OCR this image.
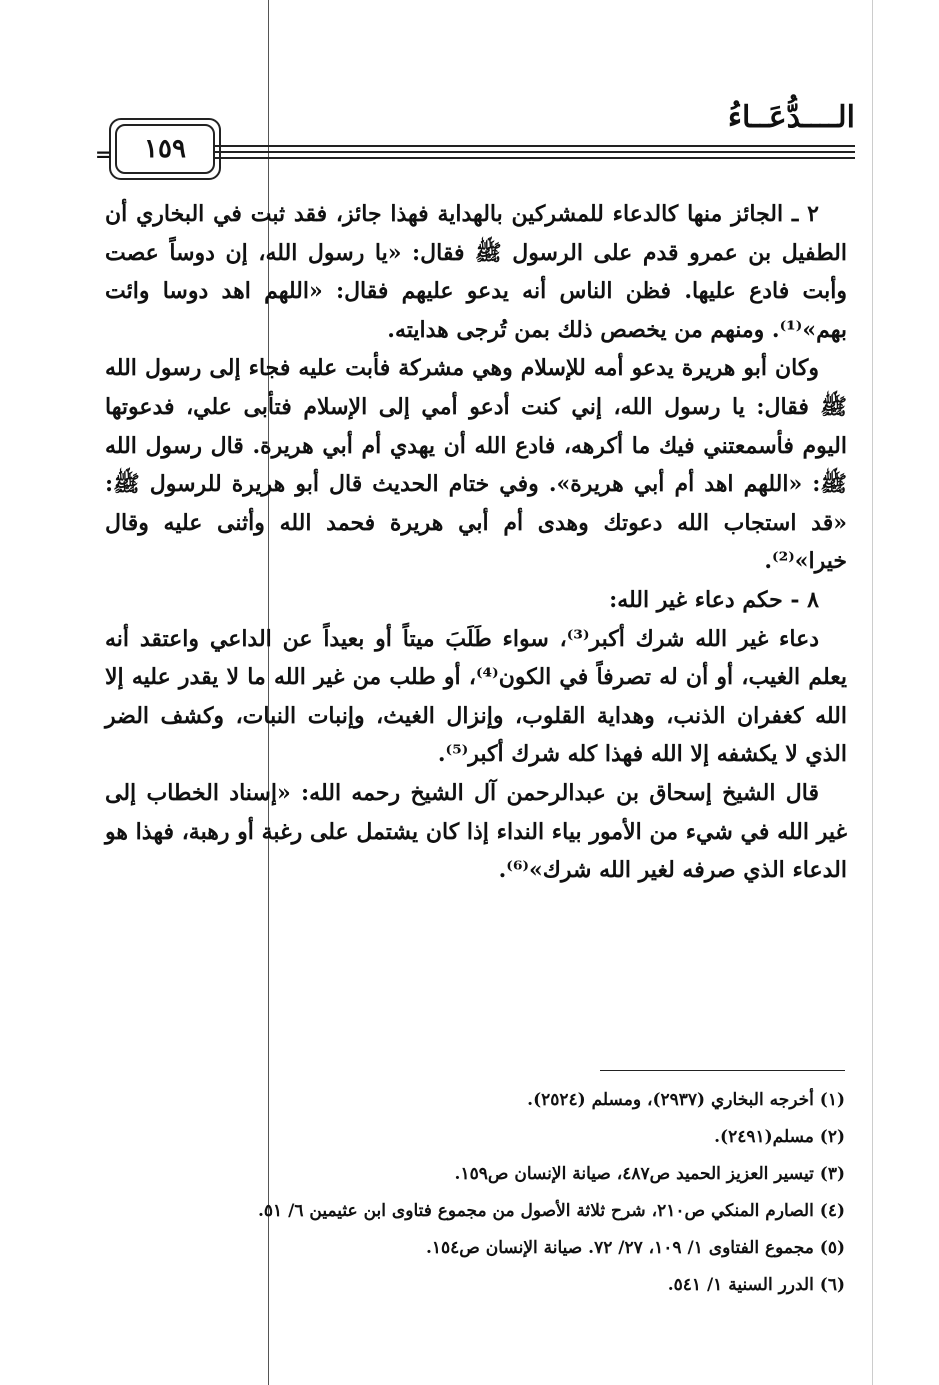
الــــدُّعَــاءُ
١٥٩
=

٢ ـ الجائز منها كالدعاء للمشركين بالهداية فهذا جائز، فقد ثبت في البخاري أن الطفيل بن عمرو قدم على الرسول ﷺ فقال: «يا رسول الله، إن دوساً عصت وأبت فادع عليها. فظن الناس أنه يدعو عليهم فقال: «اللهم اهد دوسا وائت بهم»⁽¹⁾. ومنهم من يخصص ذلك بمن تُرجى هدايته.

وكان أبو هريرة يدعو أمه للإسلام وهي مشركة فأبت عليه فجاء إلى رسول الله ﷺ فقال: يا رسول الله، إني كنت أدعو أمي إلى الإسلام فتأبى علي، فدعوتها اليوم فأسمعتني فيك ما أكرهه، فادع الله أن يهدي أم أبي هريرة. قال رسول الله ﷺ: «اللهم اهد أم أبي هريرة». وفي ختام الحديث قال أبو هريرة للرسول ﷺ: «قد استجاب الله دعوتك وهدى أم أبي هريرة فحمد الله وأثنى عليه وقال خيرا»⁽²⁾.

٨ - حكم دعاء غير الله:

دعاء غير الله شرك أكبر⁽³⁾، سواء طَلَبَ ميتاً أو بعيداً عن الداعي واعتقد أنه يعلم الغيب، أو أن له تصرفاً في الكون⁽⁴⁾، أو طلب من غير الله ما لا يقدر عليه إلا الله كغفران الذنب، وهداية القلوب، وإنزال الغيث، وإنبات النبات، وكشف الضر الذي لا يكشفه إلا الله فهذا كله شرك أكبر⁽⁵⁾.

قال الشيخ إسحاق بن عبدالرحمن آل الشيخ رحمه الله: «إسناد الخطاب إلى غير الله في شيء من الأمور بياء النداء إذا كان يشتمل على رغبة أو رهبة، فهذا هو الدعاء الذي صرفه لغير الله شرك»⁽⁶⁾.

(١) أخرجه البخاري (٢٩٣٧)، ومسلم (٢٥٢٤).
(٢) مسلم(٢٤٩١).
(٣) تيسير العزيز الحميد ص٤٨٧، صيانة الإنسان ص١٥٩.
(٤) الصارم المنكي ص٢١٠، شرح ثلاثة الأصول من مجموع فتاوى ابن عثيمين ٦/ ٥١.
(٥) مجموع الفتاوى ١/ ١٠٩، ٢٧/ ٧٢. صيانة الإنسان ص١٥٤.
(٦) الدرر السنية ١/ ٥٤١.
